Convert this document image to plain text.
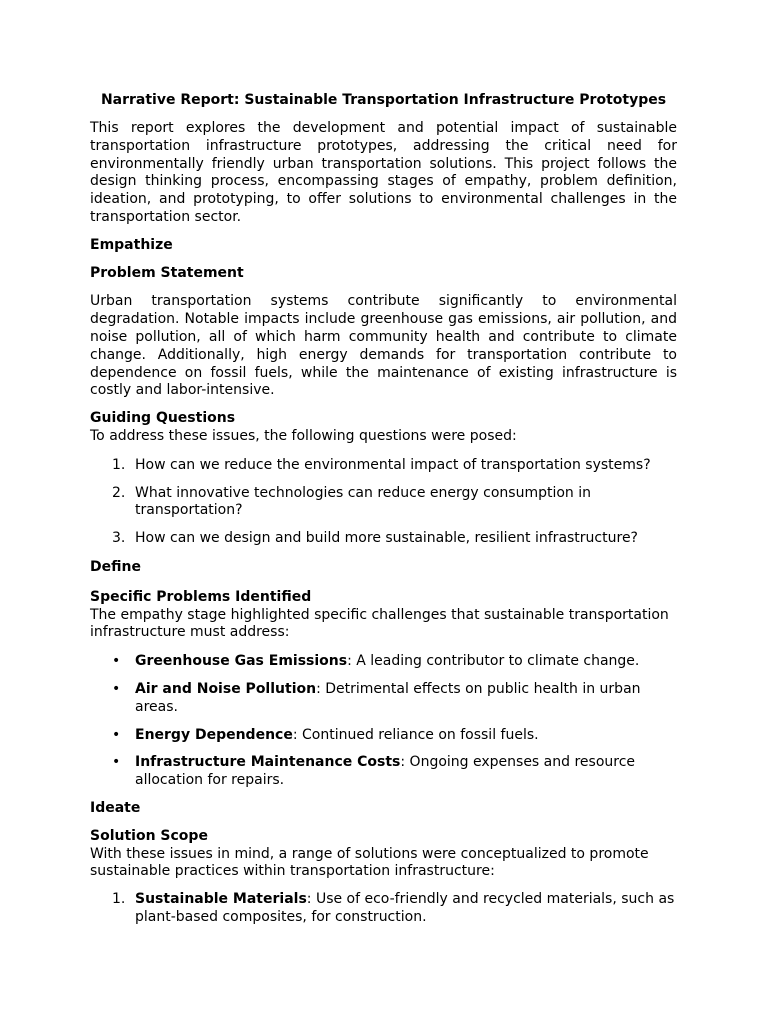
Narrative Report: Sustainable Transportation Infrastructure Prototypes

This report explores the development and potential impact of sustainable transportation infrastructure prototypes, addressing the critical need for environmentally friendly urban transportation solutions. This project follows the design thinking process, encompassing stages of empathy, problem definition, ideation, and prototyping, to offer solutions to environmental challenges in the transportation sector.

Empathize

Problem Statement

Urban transportation systems contribute significantly to environmental degradation. Notable impacts include greenhouse gas emissions, air pollution, and noise pollution, all of which harm community health and contribute to climate change. Additionally, high energy demands for transportation contribute to dependence on fossil fuels, while the maintenance of existing infrastructure is costly and labor-intensive.

Guiding Questions

To address these issues, the following questions were posed:

1. How can we reduce the environmental impact of transportation systems?
2. What innovative technologies can reduce energy consumption in transportation?
3. How can we design and build more sustainable, resilient infrastructure?

Define

Specific Problems Identified

The empathy stage highlighted specific challenges that sustainable transportation infrastructure must address:

• Greenhouse Gas Emissions: A leading contributor to climate change.
• Air and Noise Pollution: Detrimental effects on public health in urban areas.
• Energy Dependence: Continued reliance on fossil fuels.
• Infrastructure Maintenance Costs: Ongoing expenses and resource allocation for repairs.

Ideate

Solution Scope

With these issues in mind, a range of solutions were conceptualized to promote sustainable practices within transportation infrastructure:

1. Sustainable Materials: Use of eco-friendly and recycled materials, such as plant-based composites, for construction.
